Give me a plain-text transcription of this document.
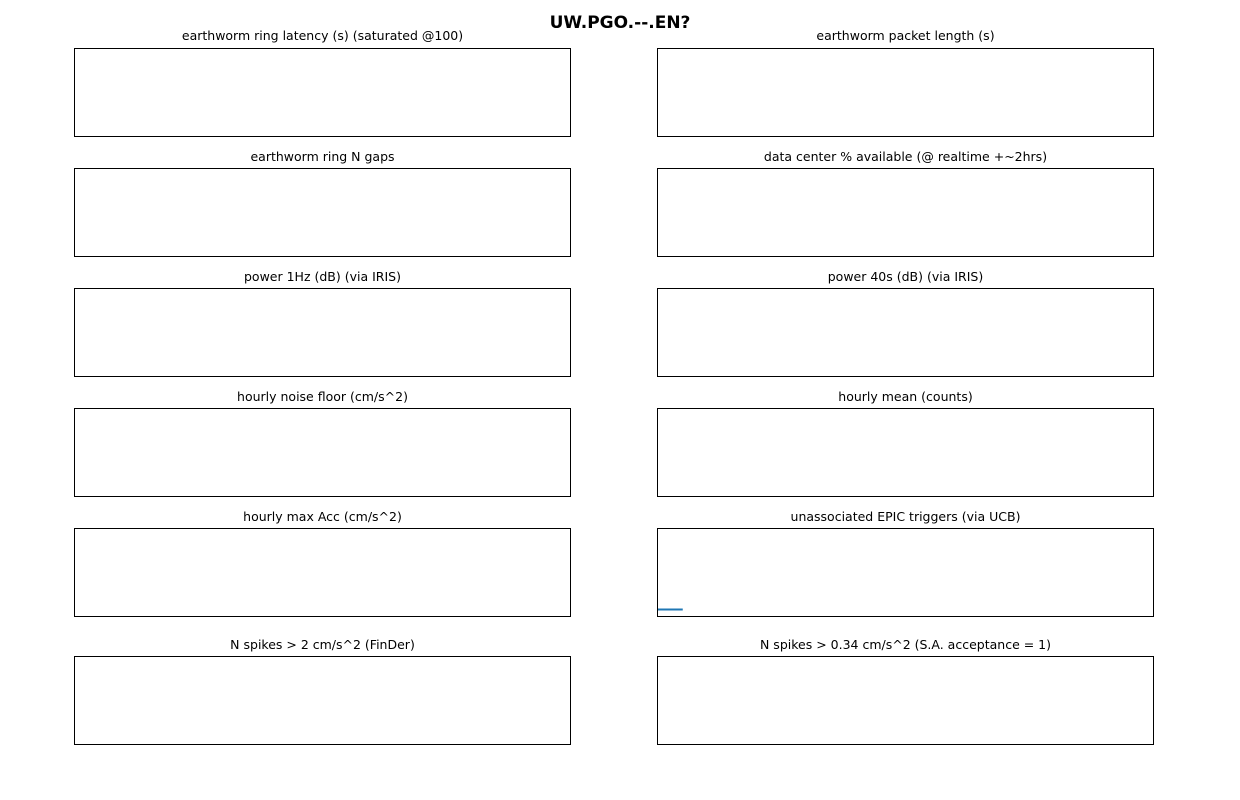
UW.PGO.--.EN?
earthworm ring latency (s) (saturated @100)	earthworm packet length (s)
earthworm ring N gaps	data center % available (@ realtime +~2hrs)
power 1Hz (dB) (via IRIS)	power 40s (dB) (via IRIS)
hourly noise floor (cm/s^2)	hourly mean (counts)
hourly max Acc (cm/s^2)	unassociated EPIC triggers (via UCB)
N spikes > 2 cm/s^2 (FinDer)	N spikes > 0.34 cm/s^2 (S.A. acceptance = 1)
